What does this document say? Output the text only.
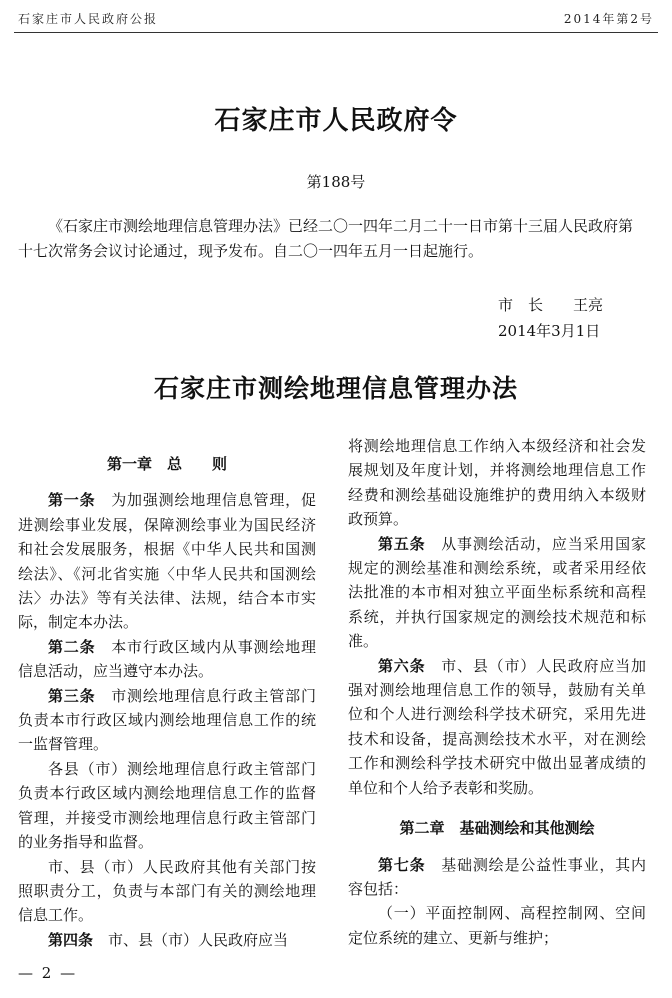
石家庄市人民政府公报	2014年第2号
石家庄市人民政府令
第188号

《石家庄市测绘地理信息管理办法》已经二〇一四年二月二十一日市第十三届人民政府第十七次常务会议讨论通过，现予发布。自二〇一四年五月一日起施行。

市　长　　王亮
2014年3月1日
石家庄市测绘地理信息管理办法

第一章　总　　则

第一条　 为加强测绘地理信息管理，促进测绘事业发展，保障测绘事业为国民经济和社会发展服务，根据《中华人民共和国测绘法》、《河北省实施〈中华人民共和国测绘法〉办法》等有关法律、法规，结合本市实际，制定本办法。

第二条　 本市行政区域内从事测绘地理信息活动，应当遵守本办法。

第三条　 市测绘地理信息行政主管部门负责本市行政区域内测绘地理信息工作的统一监督管理。

各县（市）测绘地理信息行政主管部门负责本行政区域内测绘地理信息工作的监督管理，并接受市测绘地理信息行政主管部门的业务指导和监督。

市、县（市）人民政府其他有关部门按照职责分工，负责与本部门有关的测绘地理信息工作。

第四条　 市、县（市）人民政府应当

将测绘地理信息工作纳入本级经济和社会发展规划及年度计划，并将测绘地理信息工作经费和测绘基础设施维护的费用纳入本级财政预算。

第五条　 从事测绘活动，应当采用国家规定的测绘基准和测绘系统，或者采用经依法批准的本市相对独立平面坐标系统和高程系统，并执行国家规定的测绘技术规范和标准。

第六条　 市、县（市）人民政府应当加强对测绘地理信息工作的领导，鼓励有关单位和个人进行测绘科学技术研究，采用先进技术和设备，提高测绘技术水平，对在测绘工作和测绘科学技术研究中做出显著成绩的单位和个人给予表彰和奖励。

第二章　基础测绘和其他测绘

第七条　 基础测绘是公益性事业，其内容包括：

（一）平面控制网、高程控制网、空间定位系统的建立、更新与维护；

— 2 —
